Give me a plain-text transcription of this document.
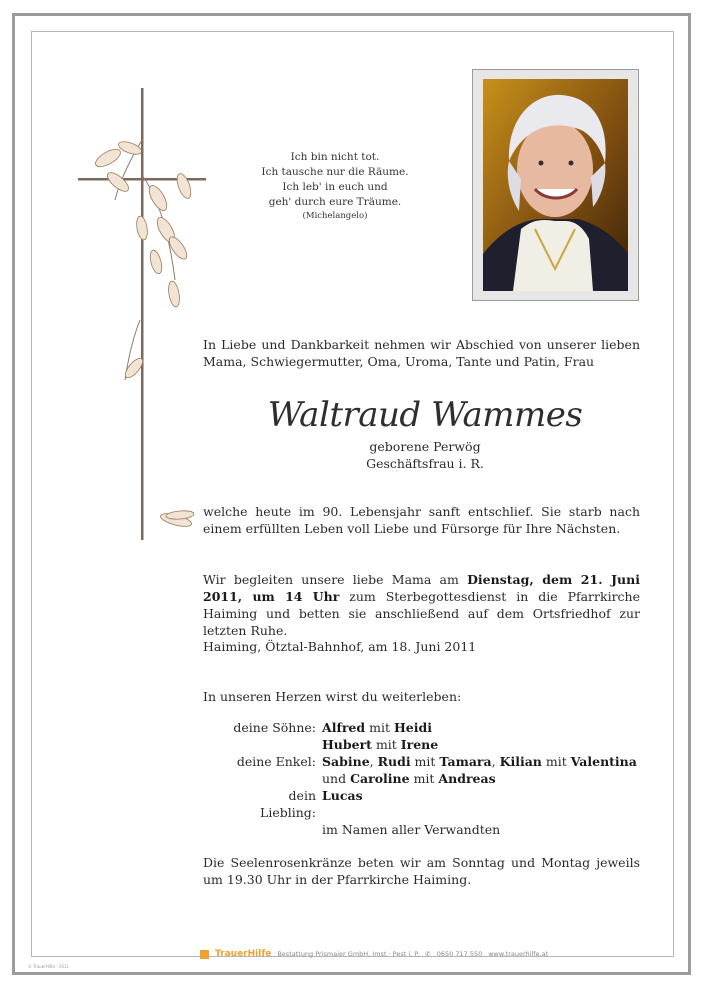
Ich bin nicht tot.
Ich tausche nur die Räume.
Ich leb' in euch und
geh' durch eure Träume.
(Michelangelo)
In Liebe und Dankbarkeit nehmen wir Abschied von unserer lieben Mama, Schwiegermutter, Oma, Uroma, Tante und Patin, Frau
Waltraud Wammes
geborene Perwög
Geschäftsfrau i. R.
welche heute im 90. Lebensjahr sanft entschlief. Sie starb nach einem erfüllten Leben voll Liebe und Fürsorge für Ihre Nächsten.
Wir begleiten unsere liebe Mama am Dienstag, dem 21. Juni 2011, um 14 Uhr zum Sterbegottesdienst in die Pfarrkirche Haiming und betten sie anschließend auf dem Ortsfriedhof zur letzten Ruhe.
Haiming, Ötztal-Bahnhof, am 18. Juni 2011
In unseren Herzen wirst du weiterleben:
deine Söhne: Alfred mit Heidi
Hubert mit Irene
deine Enkel: Sabine, Rudi mit Tamara, Kilian mit Valentina
und Caroline mit Andreas
dein Liebling:
Lucas
im Namen aller Verwandten
Die Seelenrosenkränze beten wir am Sonntag und Montag jeweils um 19.30 Uhr in der Pfarrkirche Haiming.
TrauerHilfe Bestattung Prismaier GmbH, Imst · Pest i. P. ✆ 0650 717 550 www.trauerhilfe.at
© TrauerHilfe · 2011
